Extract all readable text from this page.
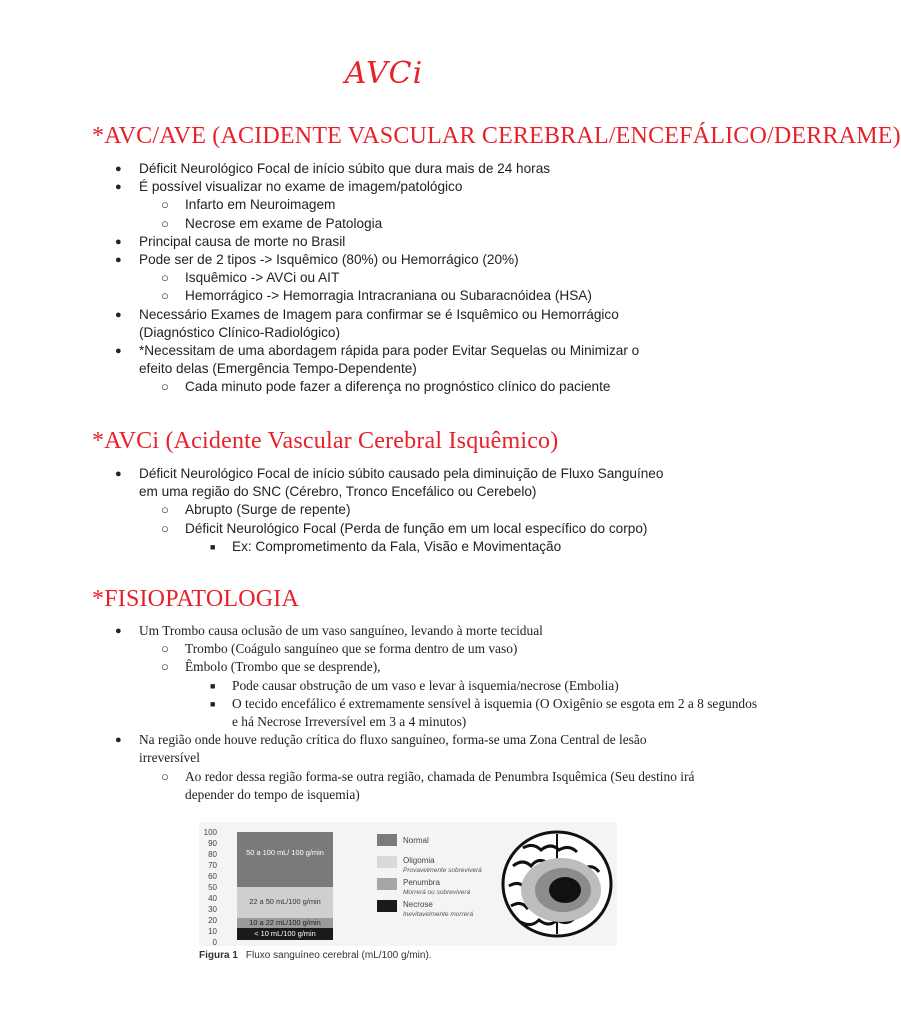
AVCi
*AVC/AVE (ACIDENTE VASCULAR CEREBRAL/ENCEFÁLICO/DERRAME)
● Déficit Neurológico Focal de início súbito que dura mais de 24 horas
● É possível visualizar no exame de imagem/patológico
○ Infarto em Neuroimagem
○ Necrose em exame de Patologia
● Principal causa de morte no Brasil
● Pode ser de 2 tipos -> Isquêmico (80%) ou Hemorrágico (20%)
○ Isquêmico -> AVCi ou AIT
○ Hemorrágico -> Hemorragia Intracraniana ou Subaracnóidea (HSA)
● Necessário Exames de Imagem para confirmar se é Isquêmico ou Hemorrágico (Diagnóstico Clínico-Radiológico)
● *Necessitam de uma abordagem rápida para poder Evitar Sequelas ou Minimizar o efeito delas (Emergência Tempo-Dependente)
○ Cada minuto pode fazer a diferença no prognóstico clínico do paciente
*AVCi (Acidente Vascular Cerebral Isquêmico)
● Déficit Neurológico Focal de início súbito causado pela diminuição de Fluxo Sanguíneo em uma região do SNC (Cérebro, Tronco Encefálico ou Cerebelo)
○ Abrupto (Surge de repente)
○ Déficit Neurológico Focal (Perda de função em um local específico do corpo)
■ Ex: Comprometimento da Fala, Visão e Movimentação
*FISIOPATOLOGIA
● Um Trombo causa oclusão de um vaso sanguíneo, levando à morte tecidual
○ Trombo (Coágulo sanguíneo que se forma dentro de um vaso)
○ Êmbolo (Trombo que se desprende),
■ Pode causar obstrução de um vaso e levar à isquemia/necrose (Embolia)
■ O tecido encefálico é extremamente sensível à isquemia (O Oxigênio se esgota em 2 a 8 segundos e há Necrose Irreversível em 3 a 4 minutos)
● Na região onde houve redução crítica do fluxo sanguíneo, forma-se uma Zona Central de lesão irreversível
○ Ao redor dessa região forma-se outra região, chamada de Penumbra Isquêmica (Seu destino irá depender do tempo de isquemia)
100
90
80
70
60
50
40
30
20
10
0
50 a 100 mL/ 100 g/min
22 a 50 mL/100 g/min
10 a 22 mL/100 g/min
< 10 mL/100 g/min
Normal
Oligomia
Provavelmente sobreviverá
Penumbra
Morrerá ou sobreviverá
Necrose
Inevitavelmente morrerá
Figura 1 Fluxo sanguíneo cerebral (mL/100 g/min).
